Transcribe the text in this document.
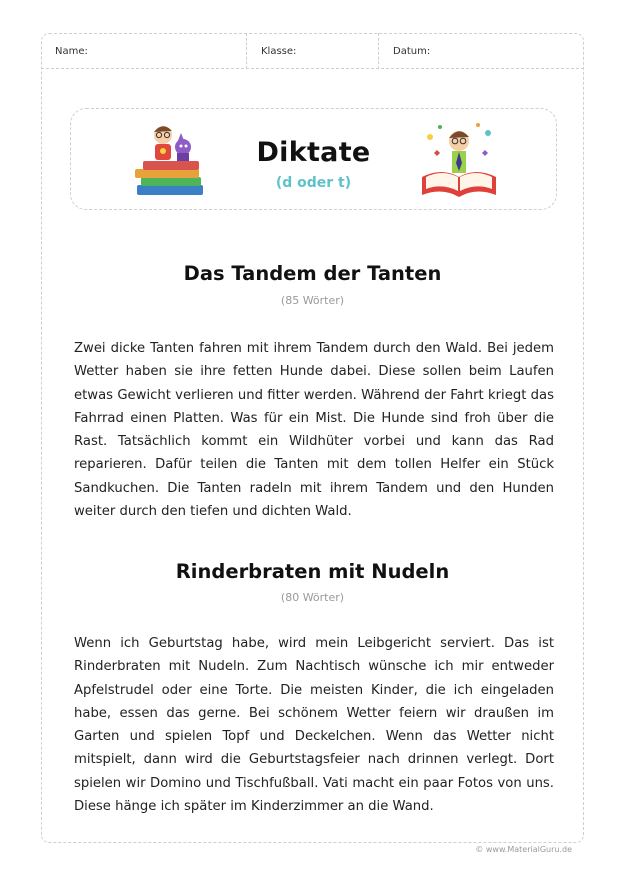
Name:	Klasse:	Datum:
Diktate
(d oder t)
Das Tandem der Tanten
(85 Wörter)

Zwei dicke Tanten fahren mit ihrem Tandem durch den Wald. Bei jedem Wetter haben sie ihre fetten Hunde dabei. Diese sollen beim Laufen etwas Gewicht verlieren und fitter werden. Während der Fahrt kriegt das Fahrrad einen Platten. Was für ein Mist. Die Hunde sind froh über die Rast. Tatsächlich kommt ein Wildhüter vorbei und kann das Rad reparieren. Dafür teilen die Tanten mit dem tollen Helfer ein Stück Sandkuchen. Die Tanten radeln mit ihrem Tandem und den Hunden weiter durch den tiefen und dichten Wald.

Rinderbraten mit Nudeln
(80 Wörter)

Wenn ich Geburtstag habe, wird mein Leibgericht serviert. Das ist Rinderbraten mit Nudeln. Zum Nachtisch wünsche ich mir entweder Apfelstrudel oder eine Torte. Die meisten Kinder, die ich eingeladen habe, essen das gerne. Bei schönem Wetter feiern wir draußen im Garten und spielen Topf und Deckelchen. Wenn das Wetter nicht mitspielt, dann wird die Geburtstagsfeier nach drinnen verlegt. Dort spielen wir Domino und Tischfußball. Vati macht ein paar Fotos von uns. Diese hänge ich später im Kinderzimmer an die Wand.

© www.MaterialGuru.de
